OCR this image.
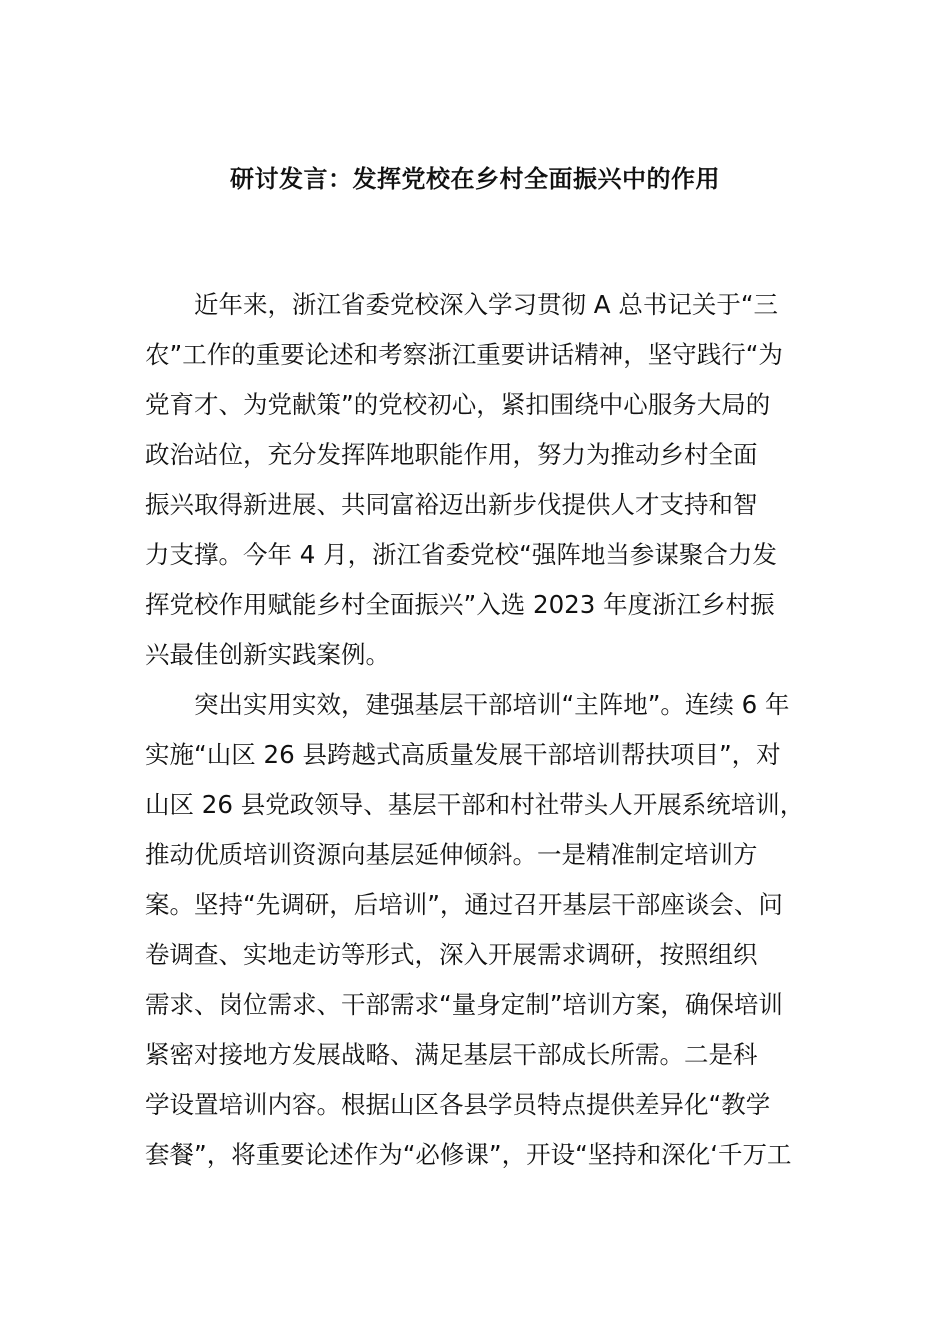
研讨发言：发挥党校在乡村全面振兴中的作用
近年来，浙江省委党校深入学习贯彻 A 总书记关于“三
农”工作的重要论述和考察浙江重要讲话精神，坚守践行“为
党育才、为党献策”的党校初心，紧扣围绕中心服务大局的
政治站位，充分发挥阵地职能作用，努力为推动乡村全面
振兴取得新进展、共同富裕迈出新步伐提供人才支持和智
力支撑。今年 4 月，浙江省委党校“强阵地当参谋聚合力发
挥党校作用赋能乡村全面振兴”入选 2023 年度浙江乡村振
兴最佳创新实践案例。
突出实用实效，建强基层干部培训“主阵地”。连续 6 年
实施“山区 26 县跨越式高质量发展干部培训帮扶项目”，对
山区 26 县党政领导、基层干部和村社带头人开展系统培训，
推动优质培训资源向基层延伸倾斜。一是精准制定培训方
案。坚持“先调研，后培训”，通过召开基层干部座谈会、问
卷调查、实地走访等形式，深入开展需求调研，按照组织
需求、岗位需求、干部需求“量身定制”培训方案，确保培训
紧密对接地方发展战略、满足基层干部成长所需。二是科
学设置培训内容。根据山区各县学员特点提供差异化“教学
套餐”，将重要论述作为“必修课”，开设“坚持和深化‘千万工
